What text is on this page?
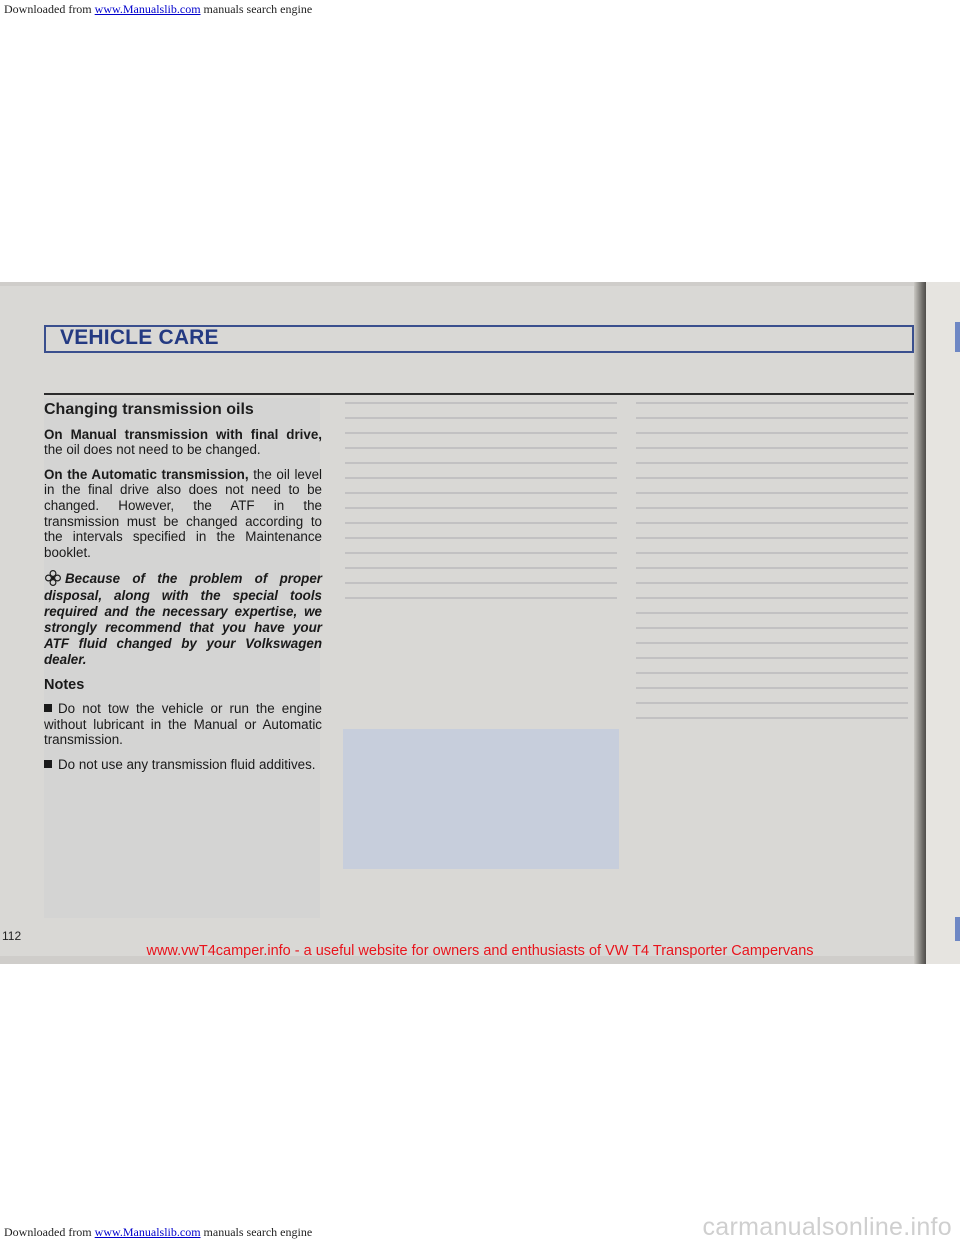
Downloaded from www.Manualslib.com manuals search engine
VEHICLE CARE
Changing transmission oils

On Manual transmission with final drive, the oil does not need to be changed.

On the Automatic transmission, the oil level in the final drive also does not need to be changed. However, the ATF in the transmission must be changed according to the intervals specified in the Maintenance booklet.

Because of the problem of proper disposal, along with the special tools required and the necessary expertise, we strongly recommend that you have your ATF fluid changed by your Volkswagen dealer.
Notes

Do not tow the vehicle or run the engine without lubricant in the Manual or Automatic transmission.

Do not use any transmission fluid additives.

112
www.vwT4camper.info - a useful website for owners and enthusiasts of VW T4 Transporter Campervans
Downloaded from www.Manualslib.com manuals search engine	carmanualsonline.info
